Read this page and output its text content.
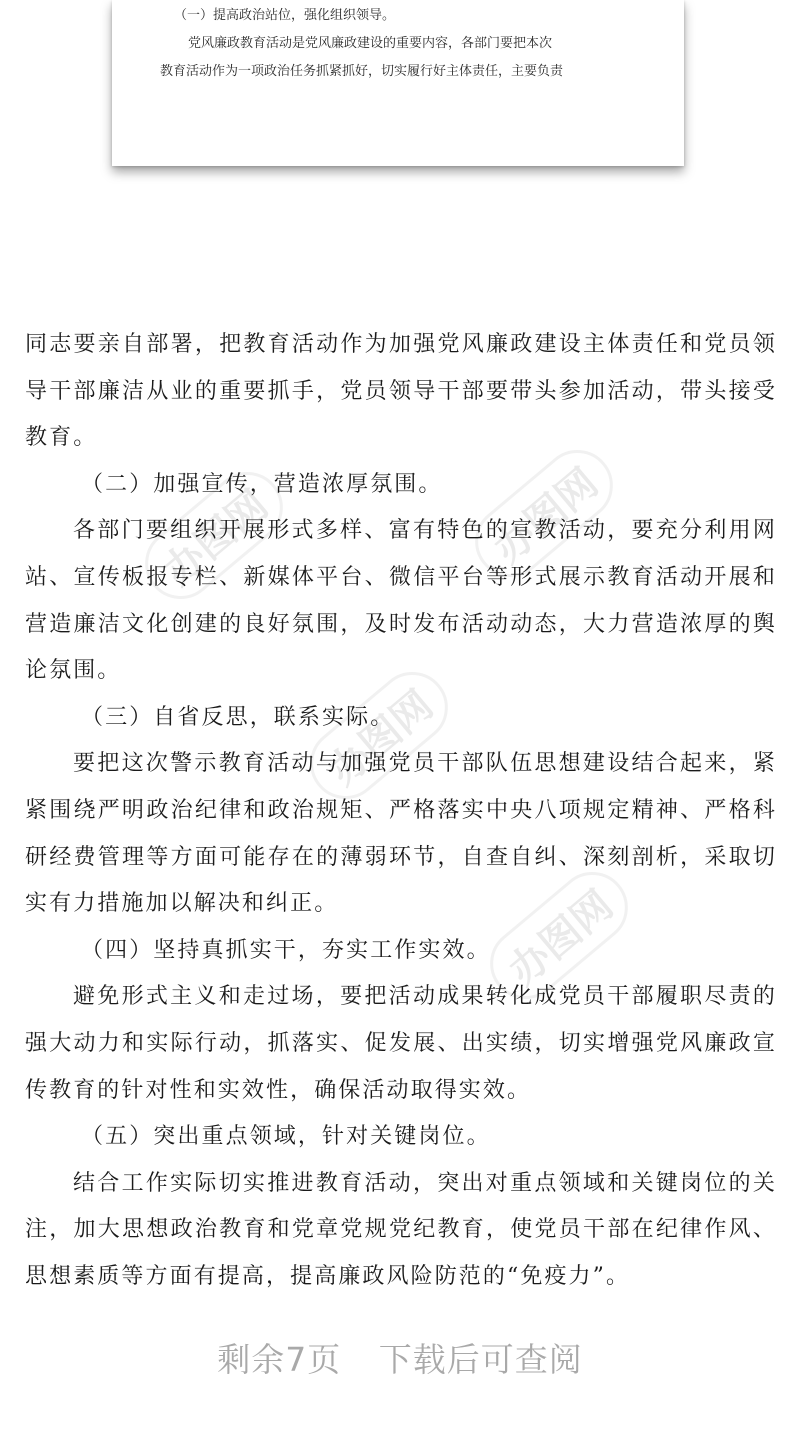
（一）提高政治站位，强化组织领导。

党风廉政教育活动是党风廉政建设的重要内容，各部门要把本次

教育活动作为一项政治任务抓紧抓好，切实履行好主体责任，主要负责

办图网
办图网
办图网
办图网

同志要亲自部署，把教育活动作为加强党风廉政建设主体责任和党员领导干部廉洁从业的重要抓手，党员领导干部要带头参加活动，带头接受教育。

（二）加强宣传，营造浓厚氛围。

各部门要组织开展形式多样、富有特色的宣教活动，要充分利用网站、宣传板报专栏、新媒体平台、微信平台等形式展示教育活动开展和营造廉洁文化创建的良好氛围，及时发布活动动态，大力营造浓厚的舆论氛围。

（三）自省反思，联系实际。

要把这次警示教育活动与加强党员干部队伍思想建设结合起来，紧紧围绕严明政治纪律和政治规矩、严格落实中央八项规定精神、严格科研经费管理等方面可能存在的薄弱环节，自查自纠、深刻剖析，采取切实有力措施加以解决和纠正。

（四）坚持真抓实干，夯实工作实效。

避免形式主义和走过场，要把活动成果转化成党员干部履职尽责的强大动力和实际行动，抓落实、促发展、出实绩，切实增强党风廉政宣传教育的针对性和实效性，确保活动取得实效。

（五）突出重点领域，针对关键岗位。

结合工作实际切实推进教育活动，突出对重点领域和关键岗位的关注，加大思想政治教育和党章党规党纪教育，使党员干部在纪律作风、思想素质等方面有提高，提高廉政风险防范的“免疫力”。

剩余7页 下载后可查阅
